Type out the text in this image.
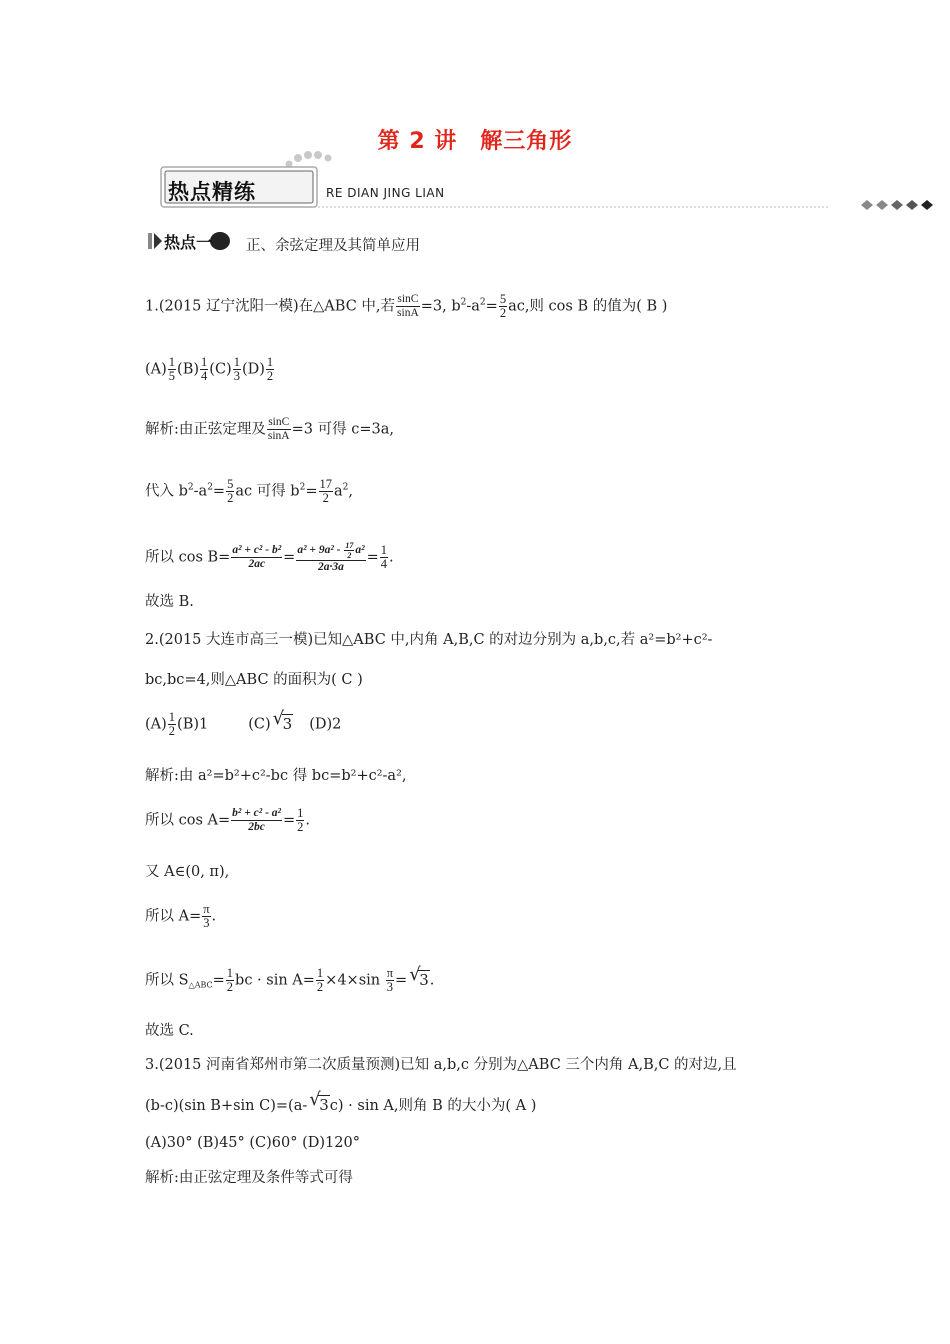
第 2 讲　解三角形
热点精练	RE DIAN JING LIAN
热点一 正、余弦定理及其简单应用
1.(2015 辽宁沈阳一模)在△ABC 中,若 $\frac{\sin C}{\sin A} =3$, $b^2-a^2= \frac{5}{2}$ ac,则 cos B 的值为( B )
$(A) \frac{1}{5} (B) \frac{1}{4} (C) \frac{1}{3} (D) \frac{1}{2}$
解析:由正弦定理及 $\frac{\sin C}{\sin A} =3$ 可得 c=3a,
代入 $b^2-a^2= \frac{5}{2}$ ac 可得 $b^2= \frac{17}{2} a^2$,
所以 $\cos B= \frac{\text{a² + c² - b²}}{2ac} = \frac{a^2 + 9a^2 - \frac{17}{2} a^2}{2a\cdot 3a} = \frac{1}{4}$ .
故选 B.
2.(2015 大连市高三一模)已知△ABC 中,内角 A,B,C 的对边分别为 a,b,c,若 a²=b²+c²-
bc,bc=4,则△ABC 的面积为( C )
$(A) \frac{1}{2} (B)1$	(C) √
3 (D)2
解析:由 a²=b²+c²-bc 得 bc=b²+c²-a²,
所以 $\cos A= \frac{\text{b² + c² - a²}}{2bc} = \frac{1}{2}$ .
又 A∈(0, π),
所以 $A= \frac{\pi}{3}$ .
所以 $S_{\triangle ABC}= \frac{1}{2}$ bc · $\sin A= \frac{1}{2} \times 4\times\sin \frac{\pi}{3}$ = √
3.
故选 C.
3.(2015 河南省郑州市第二次质量预测)已知 a,b,c 分别为△ABC 三个内角 A,B,C 的对边,且
(b-c)(sin B+sin C)=(a- √
3c) · sin A,则角 B 的大小为( A )
(A)30° (B)45° (C)60° (D)120°
解析:由正弦定理及条件等式可得
